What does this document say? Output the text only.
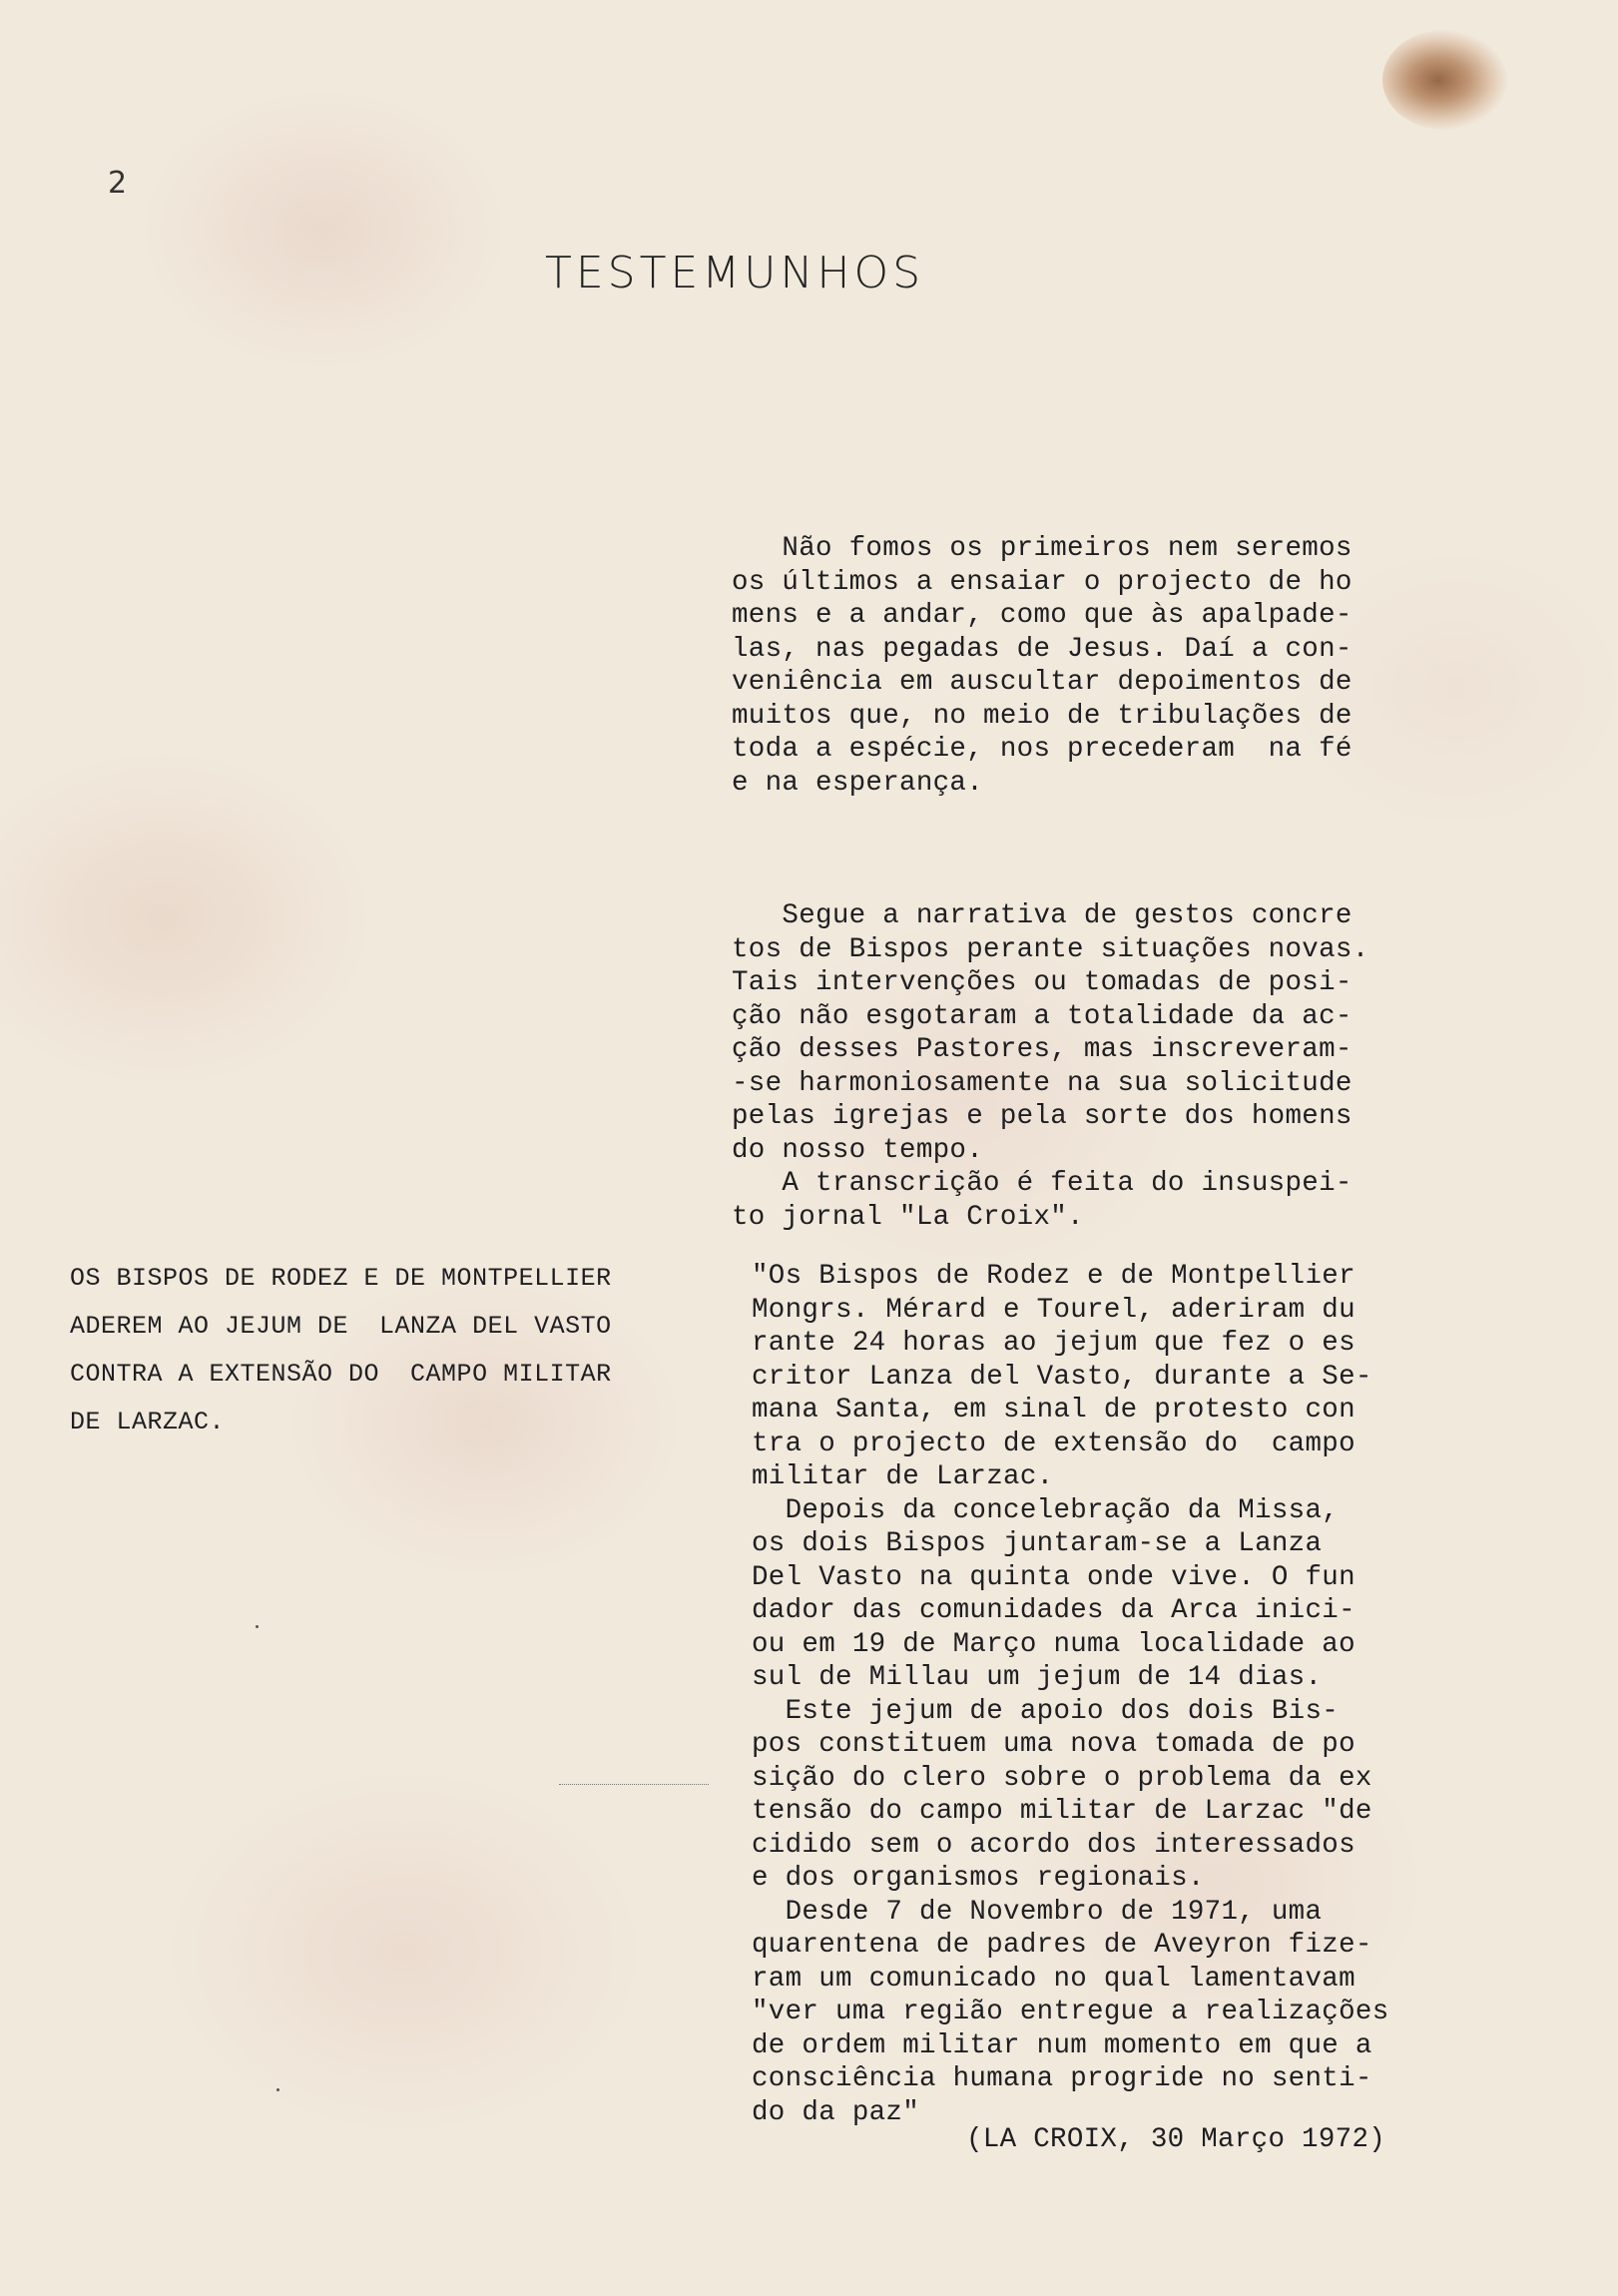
2
TESTEMUNHOS

Não fomos os primeiros nem seremos
os últimos a ensaiar o projecto de ho
mens e a andar, como que às apalpade-
las, nas pegadas de Jesus. Daí a con-
veniência em auscultar depoimentos de
muitos que, no meio de tribulações de
toda a espécie, nos precederam  na fé
e na esperança.

Segue a narrativa de gestos concre
tos de Bispos perante situações novas.
Tais intervenções ou tomadas de posi-
ção não esgotaram a totalidade da ac-
ção desses Pastores, mas inscreveram-
-se harmoniosamente na sua solicitude
pelas igrejas e pela sorte dos homens
do nosso tempo.
A transcrição é feita do insuspei-
to jornal "La Croix".

OS BISPOS DE RODEZ E DE MONTPELLIER
ADEREM AO JEJUM DE  LANZA DEL VASTO
CONTRA A EXTENSÃO DO  CAMPO MILITAR
DE LARZAC.
"Os Bispos de Rodez e de Montpellier
Mongrs. Mérard e Tourel, aderiram du
rante 24 horas ao jejum que fez o es
critor Lanza del Vasto, durante a Se-
mana Santa, em sinal de protesto con
tra o projecto de extensão do  campo
militar de Larzac.
Depois da concelebração da Missa,
os dois Bispos juntaram-se a Lanza
Del Vasto na quinta onde vive. O fun
dador das comunidades da Arca inici-
ou em 19 de Março numa localidade ao
sul de Millau um jejum de 14 dias.
Este jejum de apoio dos dois Bis-
pos constituem uma nova tomada de po
sição do clero sobre o problema da ex
tensão do campo militar de Larzac "de
cidido sem o acordo dos interessados
e dos organismos regionais.
Desde 7 de Novembro de 1971, uma
quarentena de padres de Aveyron fize-
ram um comunicado no qual lamentavam
"ver uma região entregue a realizações
de ordem militar num momento em que a
consciência humana progride no senti-
do da paz"
(LA CROIX, 30 Março 1972)
